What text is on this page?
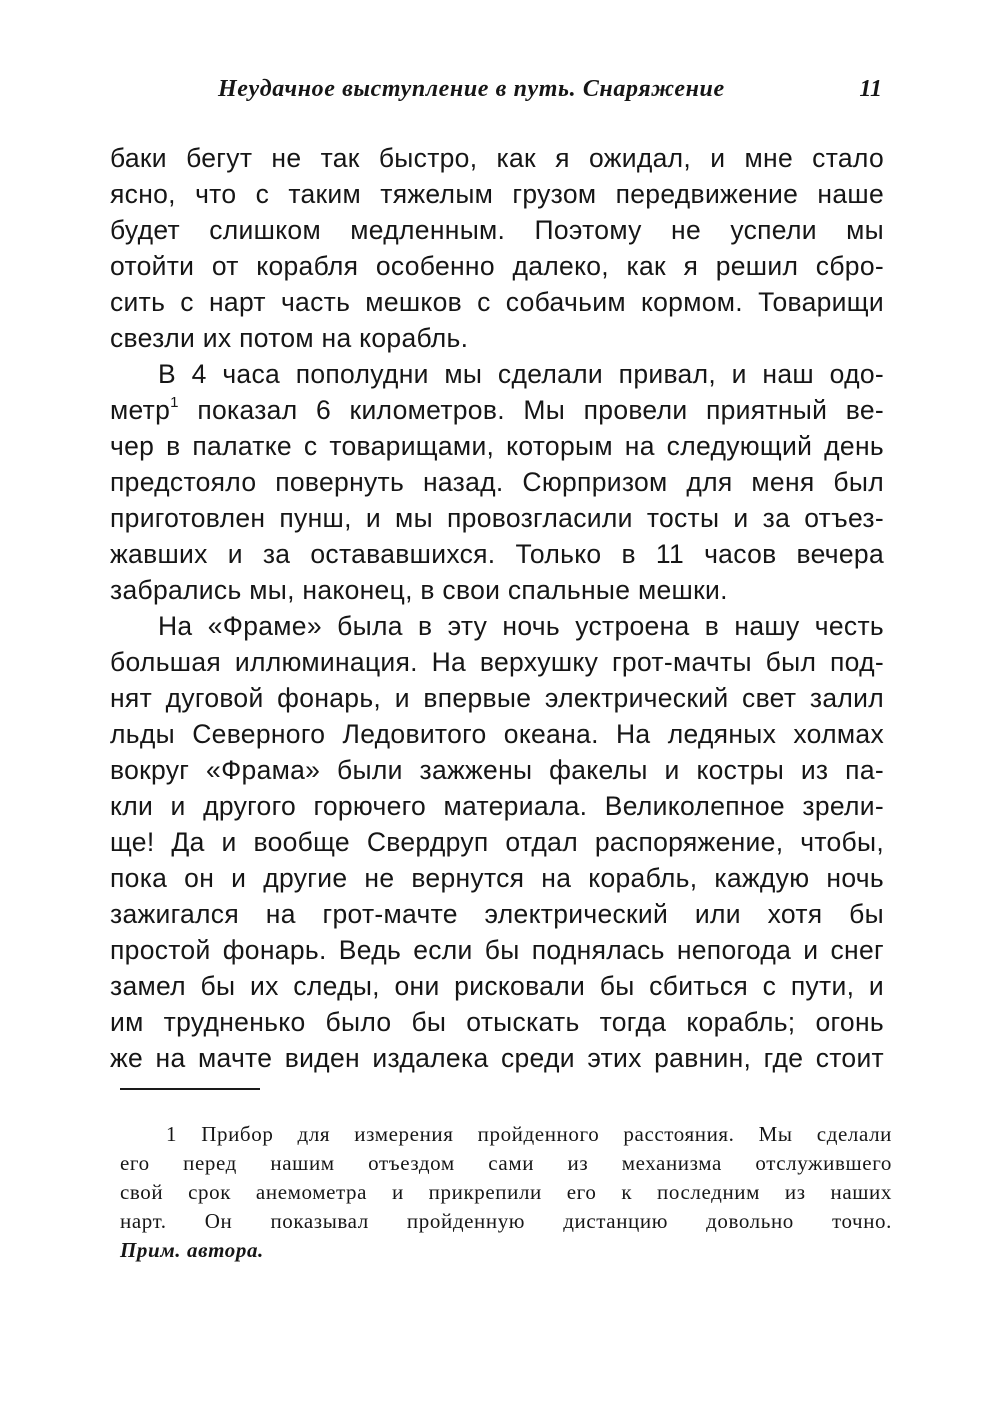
Неудачное выступление в путь. Снаряжение	11
баки бегут не так быстро, как я ожидал, и мне стало
ясно, что с таким тяжелым грузом передвижение наше
будет слишком медленным. Поэтому не успели мы
отойти от корабля особенно далеко, как я решил сбро-
сить с нарт часть мешков с собачьим кормом. Товарищи
свезли их потом на корабль.
В 4 часа пополудни мы сделали привал, и наш одо-
метр$^1$ показал 6 километров. Мы провели приятный ве-
чер в палатке с товарищами, которым на следующий день
предстояло повернуть назад. Сюрпризом для меня был
приготовлен пунш, и мы провозгласили тосты и за отъез-
жавших и за остававшихся. Только в 11 часов вечера
забрались мы, наконец, в свои спальные мешки.
На «Фраме» была в эту ночь устроена в нашу честь
большая иллюминация. На верхушку грот-мачты был под-
нят дуговой фонарь, и впервые электрический свет залил
льды Северного Ледовитого океана. На ледяных холмах
вокруг «Фрама» были зажжены факелы и костры из па-
кли и другого горючего материала. Великолепное зрели-
ще! Да и вообще Свердруп отдал распоряжение, чтобы,
пока он и другие не вернутся на корабль, каждую ночь
зажигался на грот-мачте электрический или хотя бы
простой фонарь. Ведь если бы поднялась непогода и снег
замел бы их следы, они рисковали бы сбиться с пути, и
им трудненько было бы отыскать тогда корабль; огонь
же на мачте виден издалека среди этих равнин, где стоит
1 Прибор для измерения пройденного расстояния. Мы сделали
его перед нашим отъездом сами из механизма отслужившего
свой срок анемометра и прикрепили его к последним из наших
нарт. Он показывал пройденную дистанцию довольно точно.
Прим. автора.
